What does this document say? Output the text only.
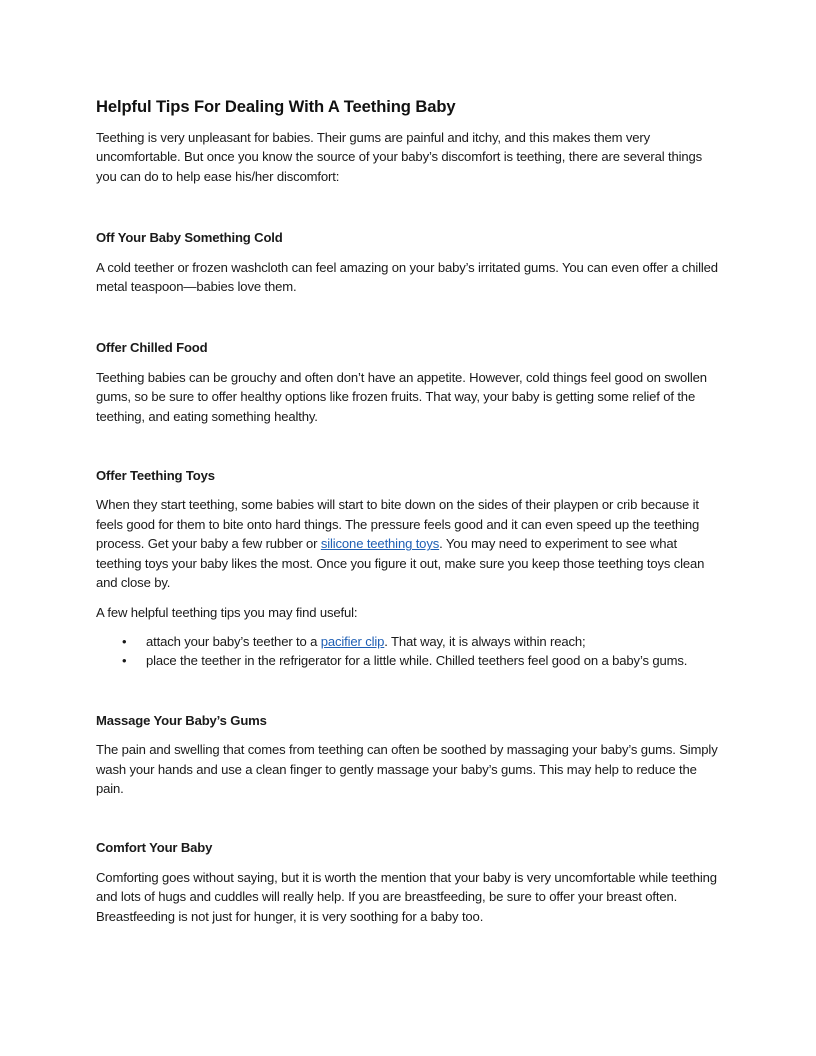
Helpful Tips For Dealing With A Teething Baby

Teething is very unpleasant for babies. Their gums are painful and itchy, and this makes them very uncomfortable. But once you know the source of your baby’s discomfort is teething, there are several things you can do to help ease his/her discomfort:

Off Your Baby Something Cold

A cold teether or frozen washcloth can feel amazing on your baby’s irritated gums. You can even offer a chilled metal teaspoon—babies love them.

Offer Chilled Food

Teething babies can be grouchy and often don’t have an appetite. However, cold things feel good on swollen gums, so be sure to offer healthy options like frozen fruits. That way, your baby is getting some relief of the teething, and eating something healthy.

Offer Teething Toys

When they start teething, some babies will start to bite down on the sides of their playpen or crib because it feels good for them to bite onto hard things. The pressure feels good and it can even speed up the teething process. Get your baby a few rubber or silicone teething toys. You may need to experiment to see what teething toys your baby likes the most. Once you figure it out, make sure you keep those teething toys clean and close by.

A few helpful teething tips you may find useful:

• attach your baby’s teether to a pacifier clip. That way, it is always within reach;
• place the teether in the refrigerator for a little while. Chilled teethers feel good on a baby’s gums.
Massage Your Baby’s Gums

The pain and swelling that comes from teething can often be soothed by massaging your baby’s gums. Simply wash your hands and use a clean finger to gently massage your baby’s gums. This may help to reduce the pain.

Comfort Your Baby

Comforting goes without saying, but it is worth the mention that your baby is very uncomfortable while teething and lots of hugs and cuddles will really help. If you are breastfeeding, be sure to offer your breast often. Breastfeeding is not just for hunger, it is very soothing for a baby too.
